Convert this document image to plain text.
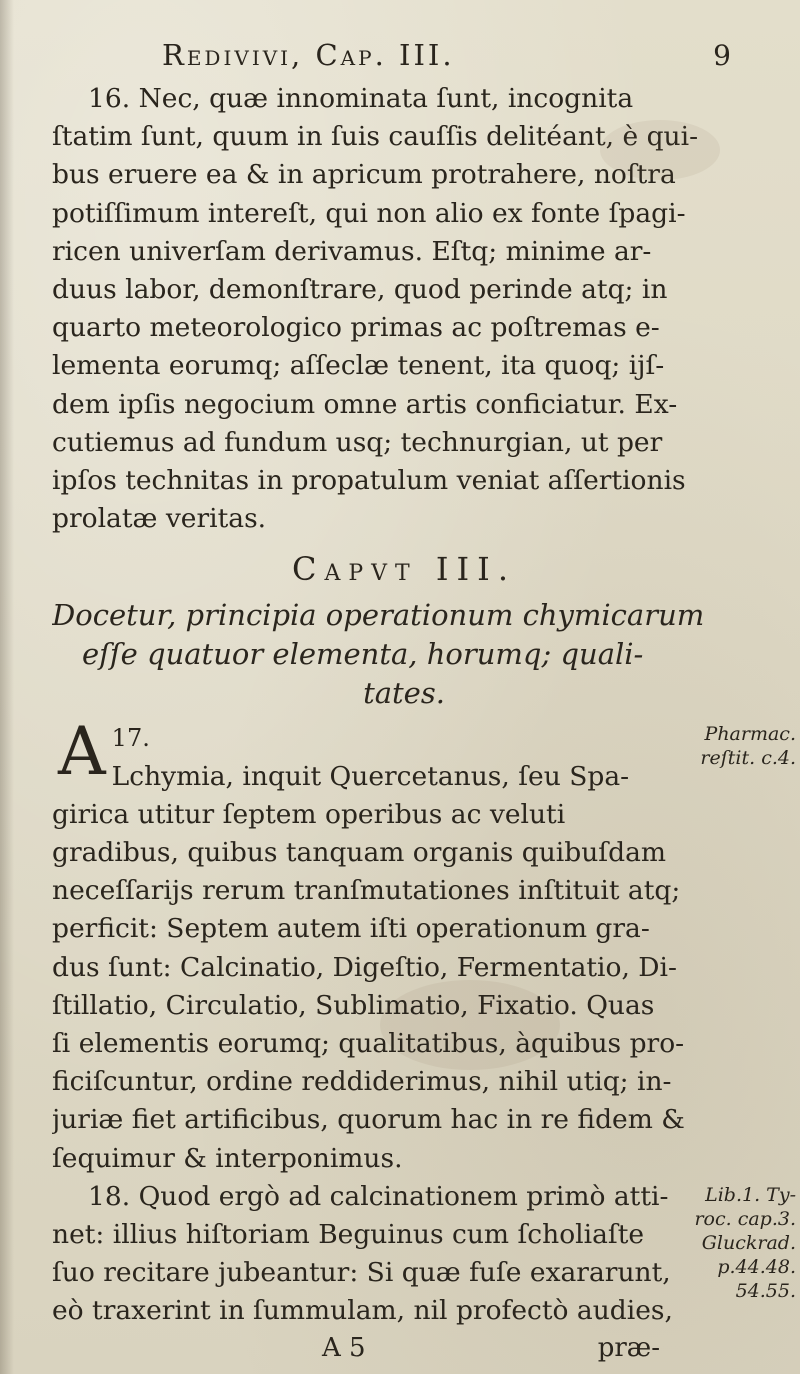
Redivivi, Cap. III.	9
16. Nec, quæ innominata ſunt, incognita
ſtatim ſunt, quum in ſuis cauſſis delitéant, è qui-
bus eruere ea & in apricum protrahere, noſtra
potiſſimum intereſt, qui non alio ex fonte ſpagi-
ricen univerſam derivamus. Eſtq; minime ar-
duus labor, demonſtrare, quod perinde atq; in
quarto meteorologico primas ac poſtremas e-
lementa eorumq; aſſeclæ tenent, ita quoq; ijſ-
dem ipſis negocium omne artis conficiatur. Ex-
cutiemus ad fundum usq; technurgian, ut per
ipſos technitas in propatulum veniat aſſertionis
prolatæ veritas.
Capvt III.
Docetur, principia operationum chymicarum
eſſe quatuor elementa, horumq; quali-
tates.
17.
A Lchymia, inquit Quercetanus, ſeu Spa-
girica utitur ſeptem operibus ac veluti
gradibus, quibus tanquam organis quibuſdam
neceſſarijs rerum tranſmutationes inſtituit atq;
perficit: Septem autem iſti operationum gra-
dus ſunt: Calcinatio, Digeſtio, Fermentatio, Di-
ſtillatio, Circulatio, Sublimatio, Fixatio. Quas
ſi elementis eorumq; qualitatibus, àquibus pro-
ficiſcuntur, ordine reddiderimus, nihil utiq; in-
juriæ fiet artificibus, quorum hac in re fidem &
ſequimur & interponimus.
Pharmac.
reſtit. c.4.
18. Quod ergò ad calcinationem primò atti-
net: illius hiſtoriam Beguinus cum ſcholiaſte
ſuo recitare jubeantur: Si quæ fuſe exararunt,
eò traxerint in ſummulam, nil profectò audies,
Lib.1. Ty-
roc. cap.3.
Gluckrad.
p.44.48.
54.55.
A 5	præ-
